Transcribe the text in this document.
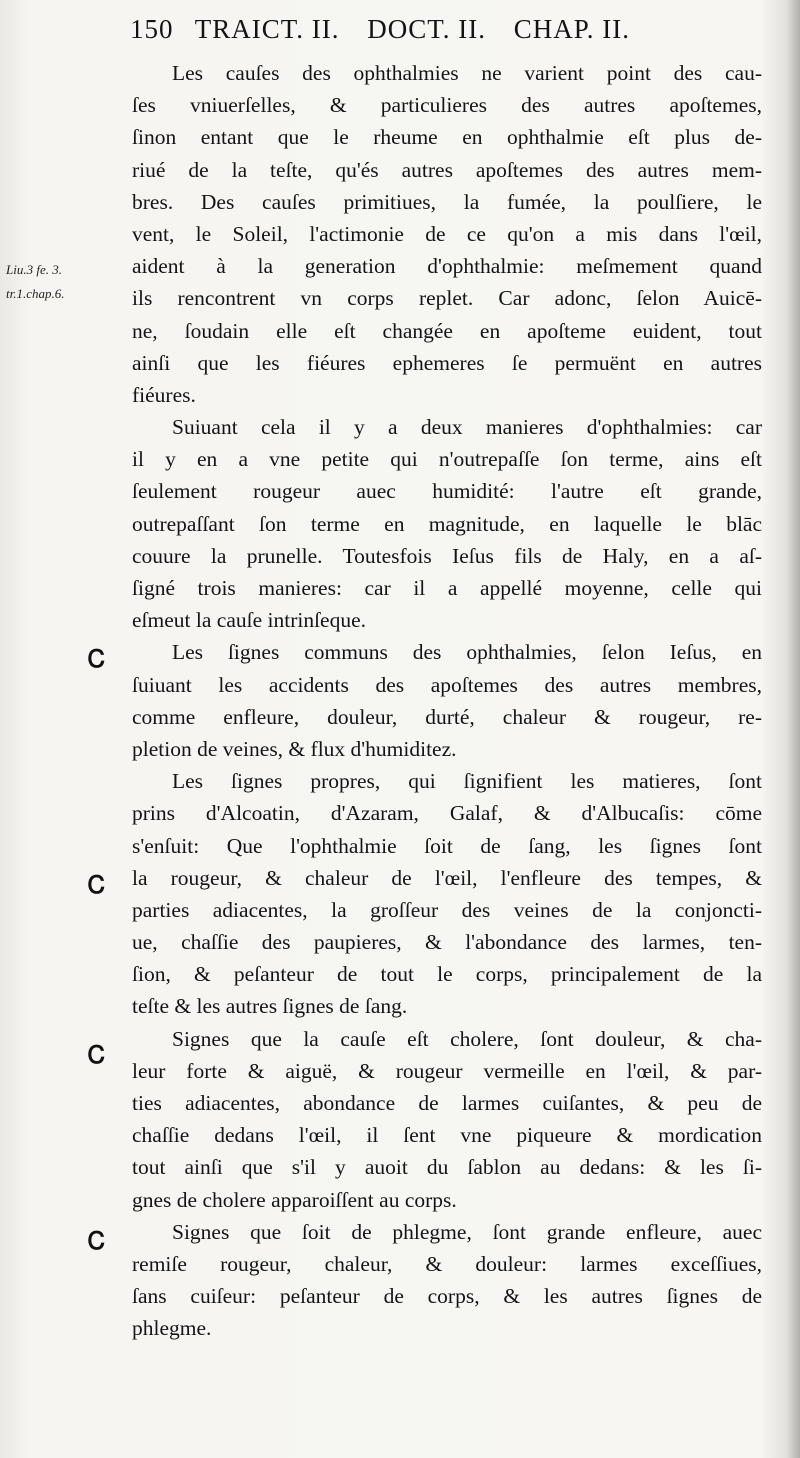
150 TRAICT. II. DOCT. II. CHAP. II.
Liu.3 fe. 3.
tr.1.chap.6.
Ꮯ
Ꮯ
Ꮯ
Ꮯ
Les cauſes des ophthalmies ne varient point des cau-
ſes vniuerſelles, & particulieres des autres apoſtemes,
ſinon entant que le rheume en ophthalmie eſt plus de-
riué de la teſte, qu'és autres apoſtemes des autres mem-
bres. Des cauſes primitiues, la fumée, la poulſiere, le
vent, le Soleil, l'actimonie de ce qu'on a mis dans l'œil,
aident à la generation d'ophthalmie: meſmement quand
ils rencontrent vn corps replet. Car adonc, ſelon Auicē-
ne, ſoudain elle eſt changée en apoſteme euident, tout
ainſi que les fiéures ephemeres ſe permuënt en autres
fiéures.
Suiuant cela il y a deux manieres d'ophthalmies: car
il y en a vne petite qui n'outrepaſſe ſon terme, ains eſt
ſeulement rougeur auec humidité: l'autre eſt grande,
outrepaſſant ſon terme en magnitude, en laquelle le blāc
couure la prunelle. Toutesfois Ieſus fils de Haly, en a aſ-
ſigné trois manieres: car il a appellé moyenne, celle qui
eſmeut la cauſe intrinſeque.
Les ſignes communs des ophthalmies, ſelon Ieſus, en
ſuiuant les accidents des apoſtemes des autres membres,
comme enfleure, douleur, durté, chaleur & rougeur, re-
pletion de veines, & flux d'humiditez.
Les ſignes propres, qui ſignifient les matieres, ſont
prins d'Alcoatin, d'Azaram, Galaf, & d'Albucaſis: cōme
s'enſuit: Que l'ophthalmie ſoit de ſang, les ſignes ſont
la rougeur, & chaleur de l'œil, l'enfleure des tempes, &
parties adiacentes, la groſſeur des veines de la conjoncti-
ue, chaſſie des paupieres, & l'abondance des larmes, ten-
ſion, & peſanteur de tout le corps, principalement de la
teſte & les autres ſignes de ſang.
Signes que la cauſe eſt cholere, ſont douleur, & cha-
leur forte & aiguë, & rougeur vermeille en l'œil, & par-
ties adiacentes, abondance de larmes cuiſantes, & peu de
chaſſie dedans l'œil, il ſent vne piqueure & mordication
tout ainſi que s'il y auoit du ſablon au dedans: & les ſi-
gnes de cholere apparoiſſent au corps.
Signes que ſoit de phlegme, ſont grande enfleure, auec
remiſe rougeur, chaleur, & douleur: larmes exceſſiues,
ſans cuiſeur: peſanteur de corps, & les autres ſignes de
phlegme.
